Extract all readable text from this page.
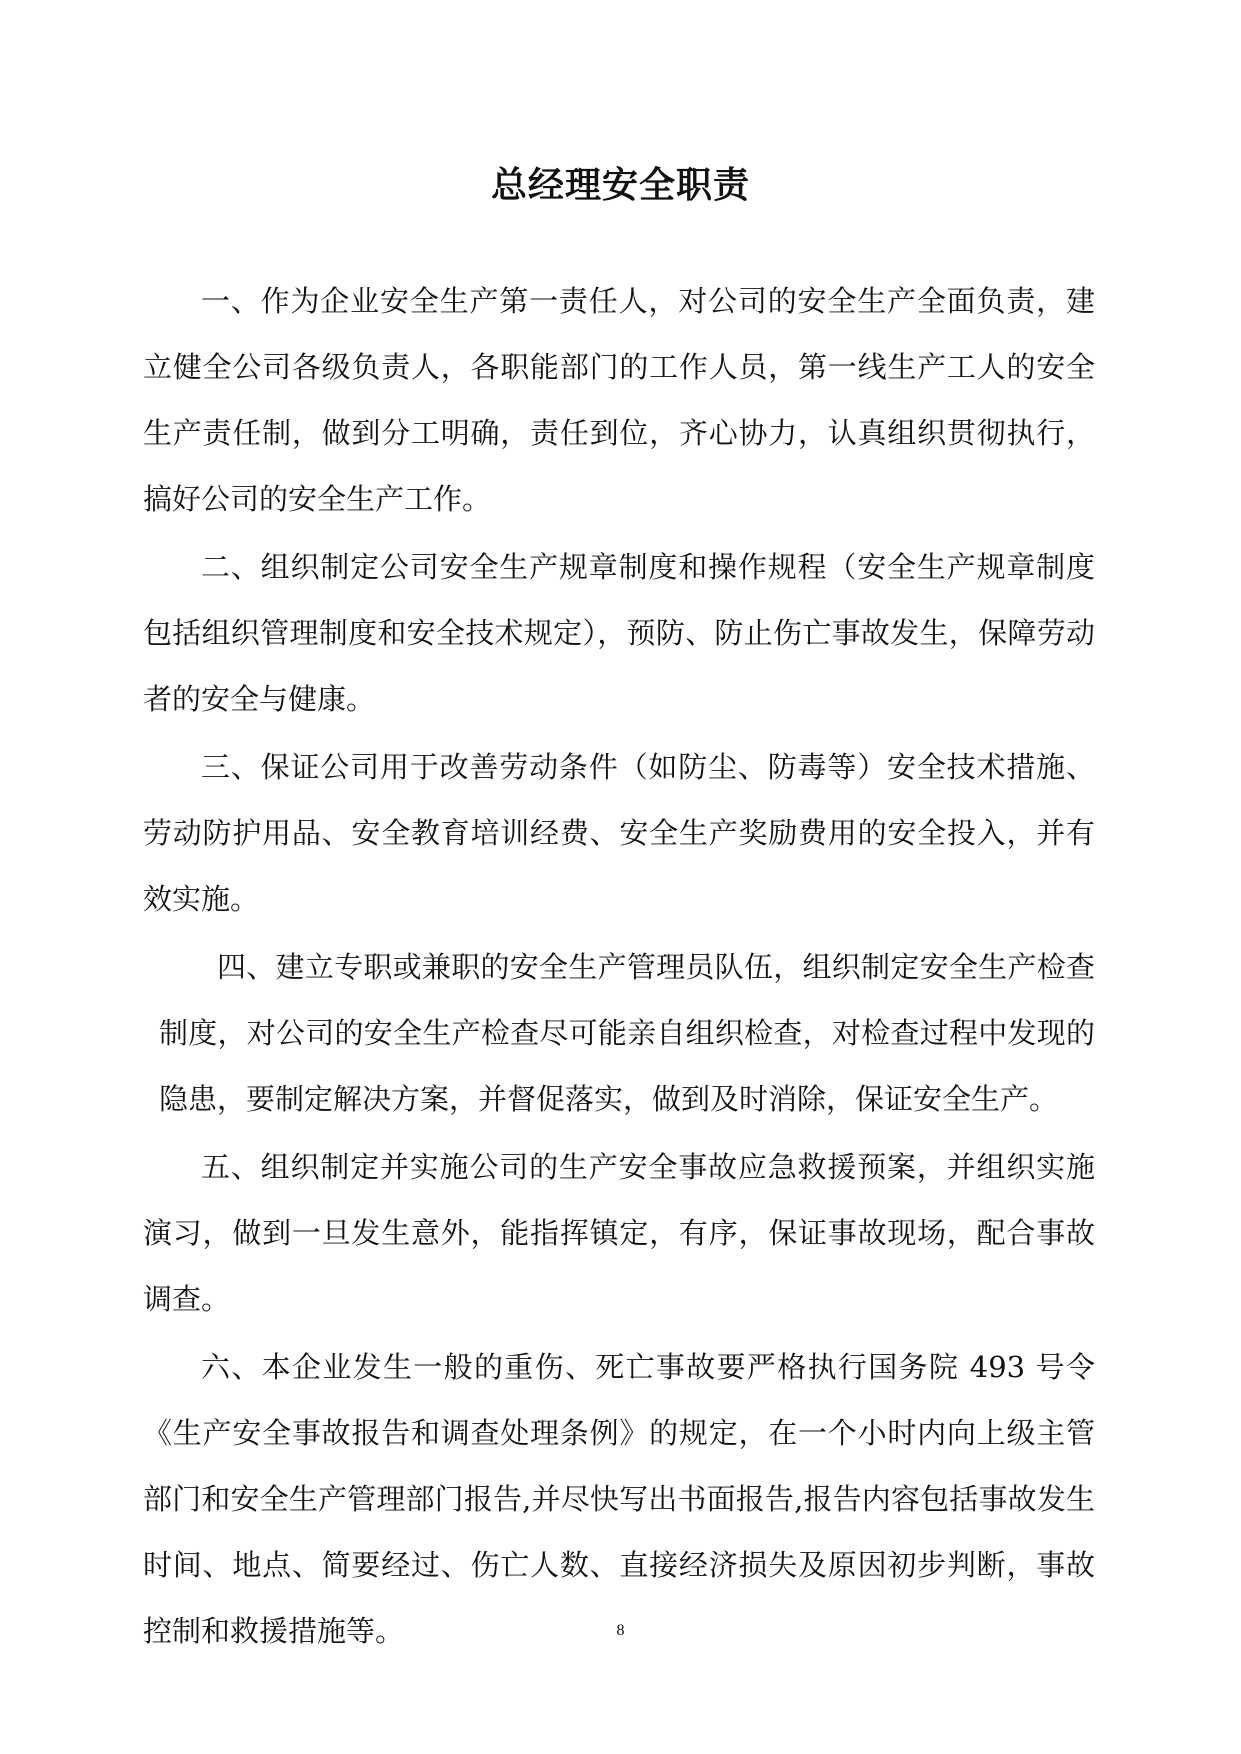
总经理安全职责

一、作为企业安全生产第一责任人，对公司的安全生产全面负责，建立健全公司各级负责人，各职能部门的工作人员，第一线生产工人的安全生产责任制，做到分工明确，责任到位，齐心协力，认真组织贯彻执行，搞好公司的安全生产工作。

二、组织制定公司安全生产规章制度和操作规程（安全生产规章制度包括组织管理制度和安全技术规定），预防、防止伤亡事故发生，保障劳动者的安全与健康。

三、保证公司用于改善劳动条件（如防尘、防毒等）安全技术措施、劳动防护用品、安全教育培训经费、安全生产奖励费用的安全投入，并有效实施。

四、建立专职或兼职的安全生产管理员队伍，组织制定安全生产检查制度，对公司的安全生产检查尽可能亲自组织检查，对检查过程中发现的隐患，要制定解决方案，并督促落实，做到及时消除，保证安全生产。

五、组织制定并实施公司的生产安全事故应急救援预案，并组织实施演习，做到一旦发生意外，能指挥镇定，有序，保证事故现场，配合事故调查。

六、本企业发生一般的重伤、死亡事故要严格执行国务院 493 号令《生产安全事故报告和调查处理条例》的规定，在一个小时内向上级主管部门和安全生产管理部门报告,并尽快写出书面报告,报告内容包括事故发生时间、地点、简要经过、伤亡人数、直接经济损失及原因初步判断，事故控制和救援措施等。	8
